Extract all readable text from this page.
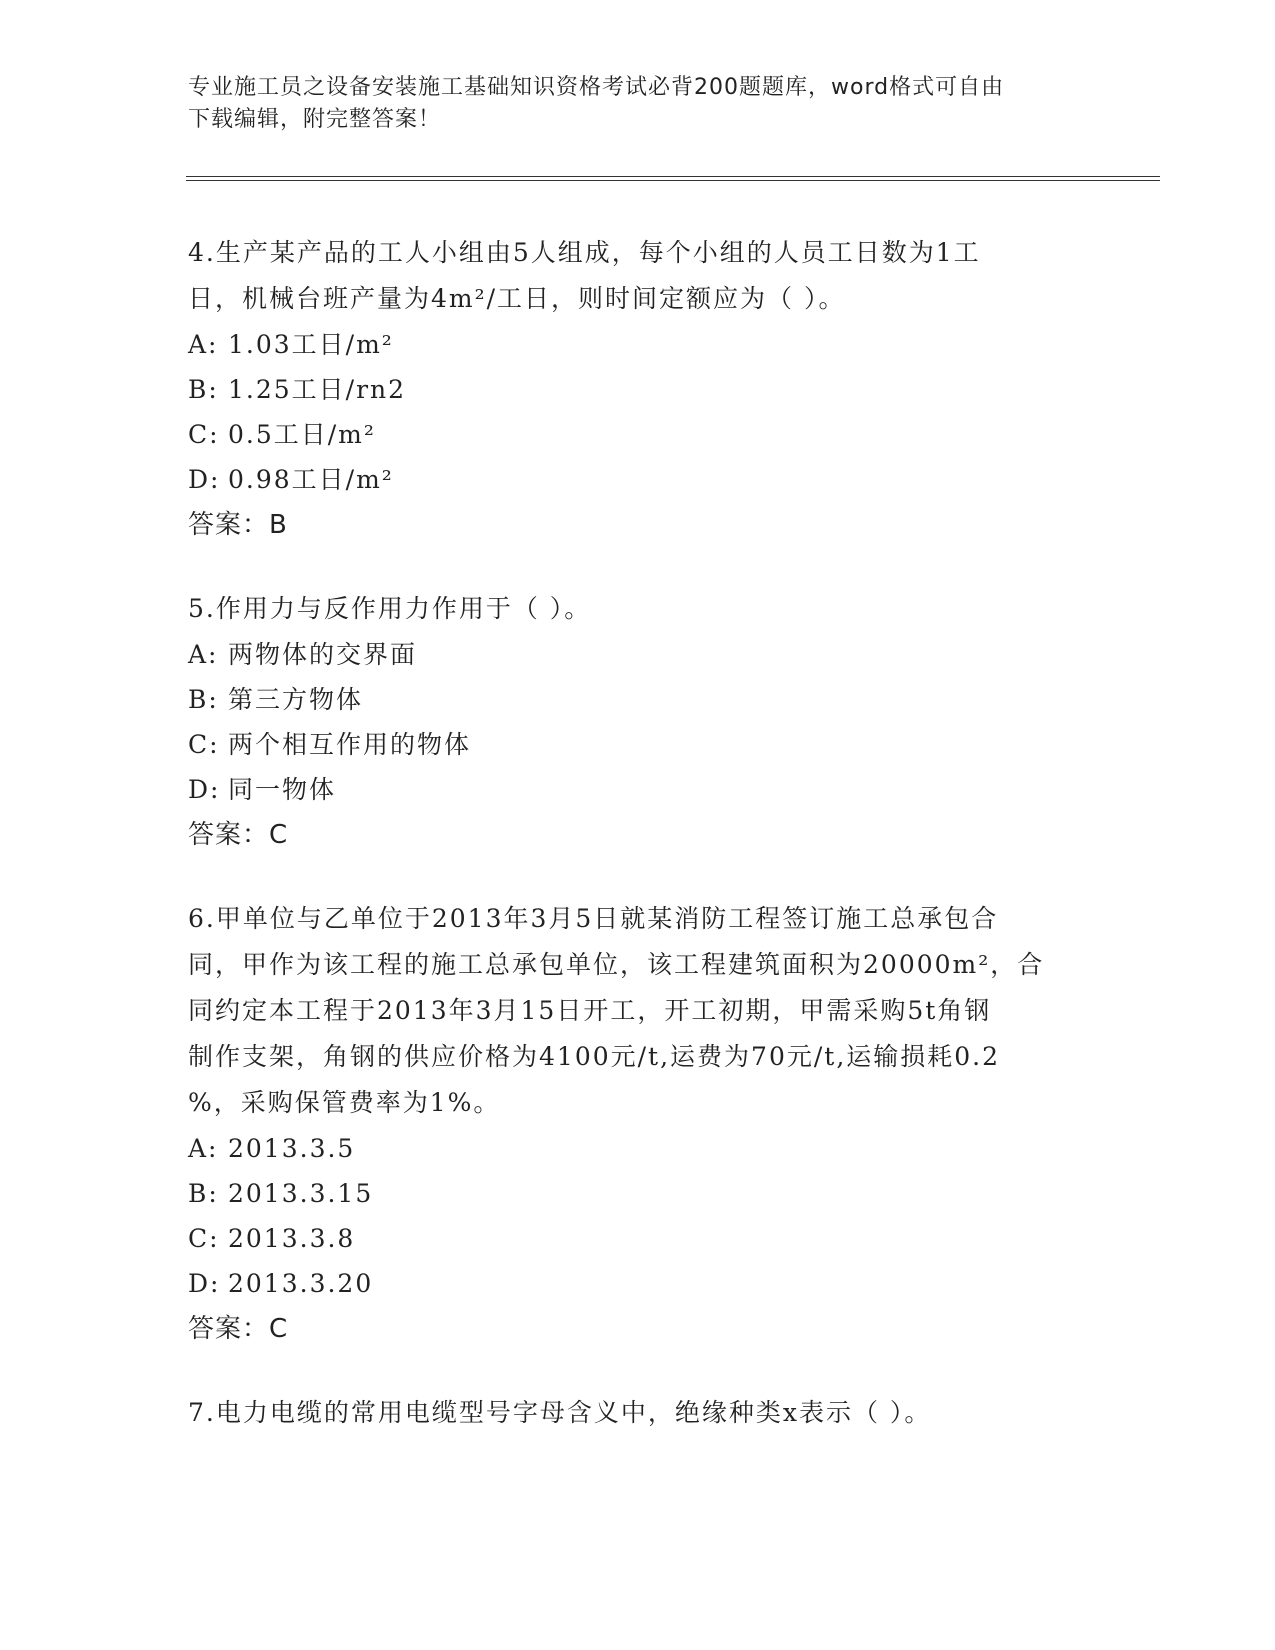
专业施工员之设备安装施工基础知识资格考试必背200题题库，word格式可自由
下载编辑，附完整答案！

4.生产某产品的工人小组由5人组成，每个小组的人员工日数为1工

日，机械台班产量为4m²/工日，则时间定额应为（ ）。

A: 1.03工日/m²

B: 1.25工日/rn2

C: 0.5工日/m²

D: 0.98工日/m²

答案：B

5.作用力与反作用力作用于（ ）。

A: 两物体的交界面

B: 第三方物体

C: 两个相互作用的物体

D: 同一物体

答案：C

6.甲单位与乙单位于2013年3月5日就某消防工程签订施工总承包合

同，甲作为该工程的施工总承包单位，该工程建筑面积为20000m²，合

同约定本工程于2013年3月15日开工，开工初期，甲需采购5t角钢

制作支架，角钢的供应价格为4100元/t,运费为70元/t,运输损耗0.2

%，采购保管费率为1%。

A: 2013.3.5

B: 2013.3.15

C: 2013.3.8

D: 2013.3.20

答案：C

7.电力电缆的常用电缆型号字母含义中，绝缘种类x表示（ ）。
